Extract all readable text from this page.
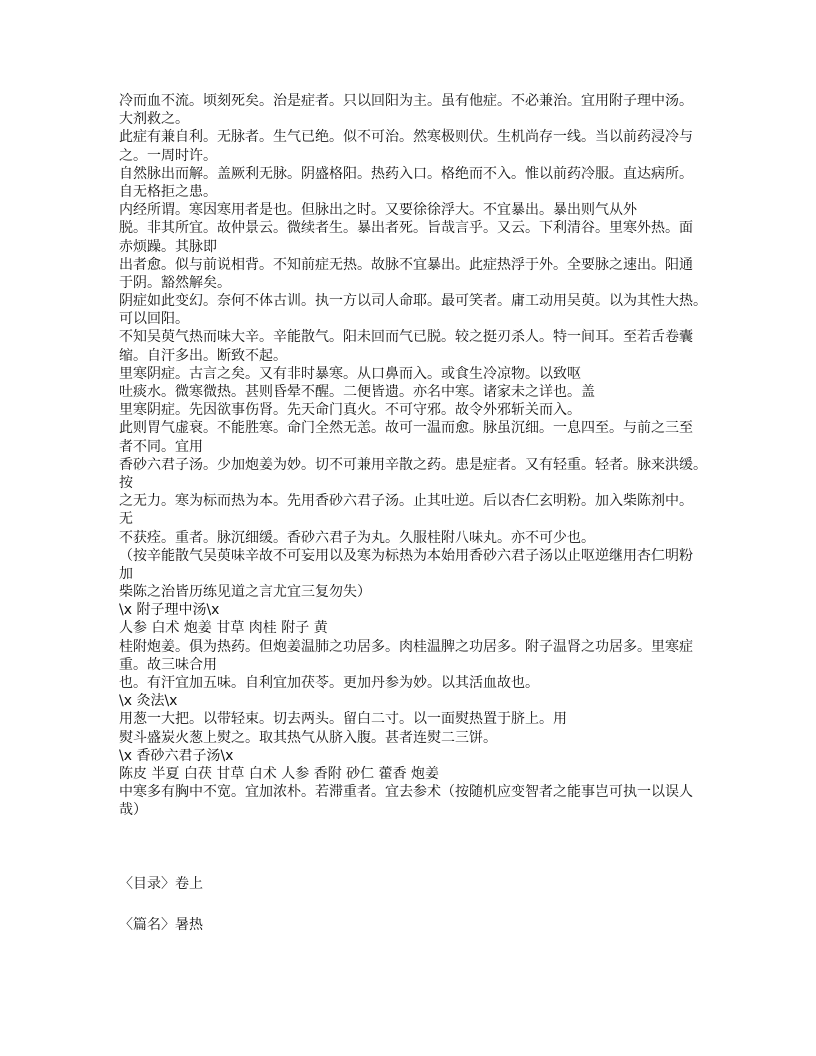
冷而血不流。顷刻死矣。治是症者。只以回阳为主。虽有他症。不必兼治。宜用附子理中汤。
大剂救之。
此症有兼自利。无脉者。生气已绝。似不可治。然寒极则伏。生机尚存一线。当以前药浸冷与
之。一周时许。
自然脉出而解。盖厥利无脉。阴盛格阳。热药入口。格绝而不入。惟以前药冷服。直达病所。
自无格拒之患。
内经所谓。寒因寒用者是也。但脉出之时。又要徐徐浮大。不宜暴出。暴出则气从外
脱。非其所宜。故仲景云。微续者生。暴出者死。旨哉言乎。又云。下利清谷。里寒外热。面
赤烦躁。其脉即
出者愈。似与前说相背。不知前症无热。故脉不宜暴出。此症热浮于外。全要脉之速出。阳通
于阴。豁然解矣。
阴症如此变幻。奈何不体古训。执一方以司人命耶。最可笑者。庸工动用吴萸。以为其性大热。
可以回阳。
不知吴萸气热而味大辛。辛能散气。阳未回而气已脱。较之挺刃杀人。特一间耳。至若舌卷囊
缩。自汗多出。断致不起。
里寒阴症。古言之矣。又有非时暴寒。从口鼻而入。或食生冷凉物。以致呕
吐痰水。微寒微热。甚则昏晕不醒。二便皆遗。亦名中寒。诸家未之详也。盖
里寒阴症。先因欲事伤肾。先天命门真火。不可守邪。故令外邪斩关而入。
此则胃气虚衰。不能胜寒。命门全然无恙。故可一温而愈。脉虽沉细。一息四至。与前之三至
者不同。宜用
香砂六君子汤。少加炮姜为妙。切不可兼用辛散之药。患是症者。又有轻重。轻者。脉来洪缓。
按
之无力。寒为标而热为本。先用香砂六君子汤。止其吐逆。后以杏仁玄明粉。加入柴陈剂中。
无
不获痊。重者。脉沉细缓。香砂六君子为丸。久服桂附八味丸。亦不可少也。
（按辛能散气吴萸味辛故不可妄用以及寒为标热为本始用香砂六君子汤以止呕逆继用杏仁明粉
加
柴陈之治皆历练见道之言尤宜三复勿失）
\x 附子理中汤\x
人参 白术 炮姜 甘草 肉桂 附子 黄
桂附炮姜。俱为热药。但炮姜温肺之功居多。肉桂温脾之功居多。附子温肾之功居多。里寒症
重。故三味合用
也。有汗宜加五味。自利宜加茯苓。更加丹参为妙。以其活血故也。
\x 灸法\x
用葱一大把。以带轻束。切去两头。留白二寸。以一面熨热置于脐上。用
熨斗盛炭火葱上熨之。取其热气从脐入腹。甚者连熨二三饼。
\x 香砂六君子汤\x
陈皮 半夏 白茯 甘草 白术 人参 香附 砂仁 藿香 炮姜
中寒多有胸中不宽。宜加浓朴。若滞重者。宜去参术（按随机应变智者之能事岂可执一以误人
哉）
〈目录〉卷上
〈篇名〉暑热
